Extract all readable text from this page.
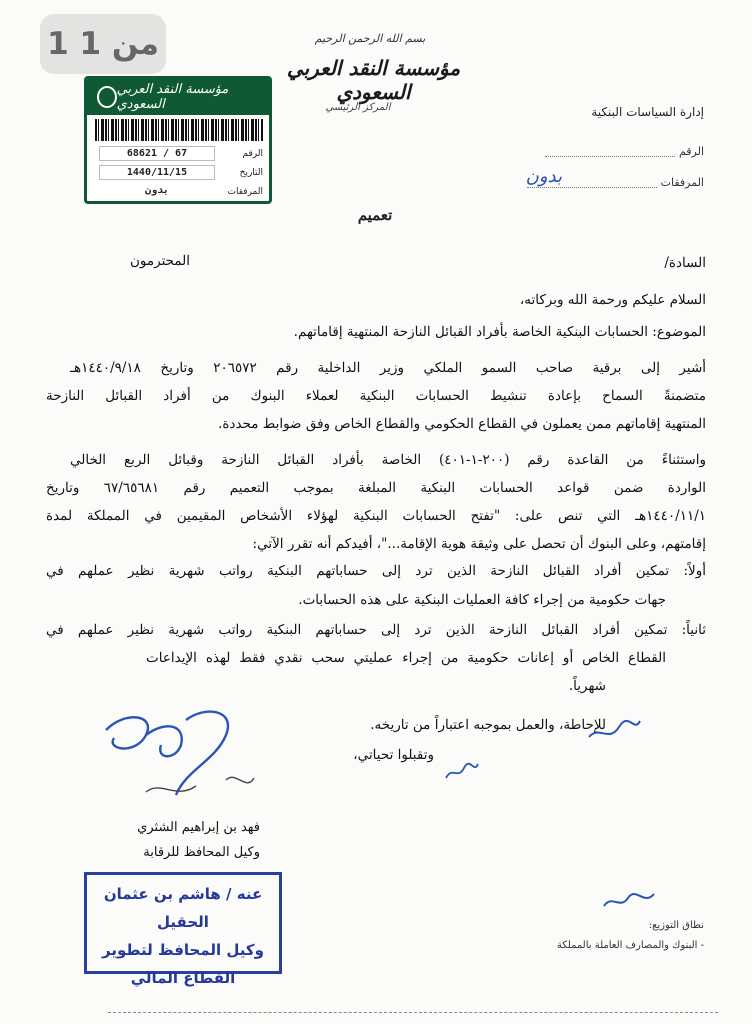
1 من 1	بسم الله الرحمن الرحيم
مؤسسة النقد العربي السعودي
المركز الرئيسي	إدارة السياسات البنكية
الرقم
المرفقات
بدون
مؤسسة النقد العربي السعودي
الرقم
68621 / 67
التاريخ
1440/11/15
المرفقات
بدون
تعميم
السادة/
المحترمون
السلام عليكم ورحمة الله وبركاته،
الموضوع: الحسابات البنكية الخاصة بأفراد القبائل النازحة المنتهية إقاماتهم.
أشير إلى برقية صاحب السمو الملكي وزير الداخلية رقم ٢٠٦٥٧٢ وتاريخ ١٤٤٠/٩/١٨هـ
متضمنةً السماح بإعادة تنشيط الحسابات البنكية لعملاء البنوك من أفراد القبائل النازحة
المنتهية إقاماتهم ممن يعملون في القطاع الحكومي والقطاع الخاص وفق ضوابط محددة.
واستثناءً من القاعدة رقم (٢٠٠-١-٤٠١) الخاصة بأفراد القبائل النازحة وقبائل الربع الخالي
الواردة ضمن قواعد الحسابات البنكية المبلغة بموجب التعميم رقم ٦٧/٦٥٦٨١ وتاريخ
١٤٤٠/١١/١هـ التي تنص على: "تفتح الحسابات البنكية لهؤلاء الأشخاص المقيمين في المملكة لمدة
إقامتهم، وعلى البنوك أن تحصل على وثيقة هوية الإقامة..."، أفيدكم أنه تقرر الآتي:
أولاً: تمكين أفراد القبائل النازحة الذين ترد إلى حساباتهم البنكية رواتب شهرية نظير عملهم في
جهات حكومية من إجراء كافة العمليات البنكية على هذه الحسابات.
ثانياً: تمكين أفراد القبائل النازحة الذين ترد إلى حساباتهم البنكية رواتب شهرية نظير عملهم في
القطاع الخاص أو إعانات حكومية من إجراء عمليتي سحب نقدي فقط لهذه الإيداعات
شهرياً.
للإحاطة، والعمل بموجبه اعتباراً من تاريخه.
وتقبلوا تحياتي،
فهد بن إبراهيم الشثري
وكيل المحافظ للرقابة
عنه / هاشم بن عثمان الحقيل
وكيل المحافظ لتطوير
القطاع المالي
نطاق التوزيع:
- البنوك والمصارف العاملة بالمملكة
